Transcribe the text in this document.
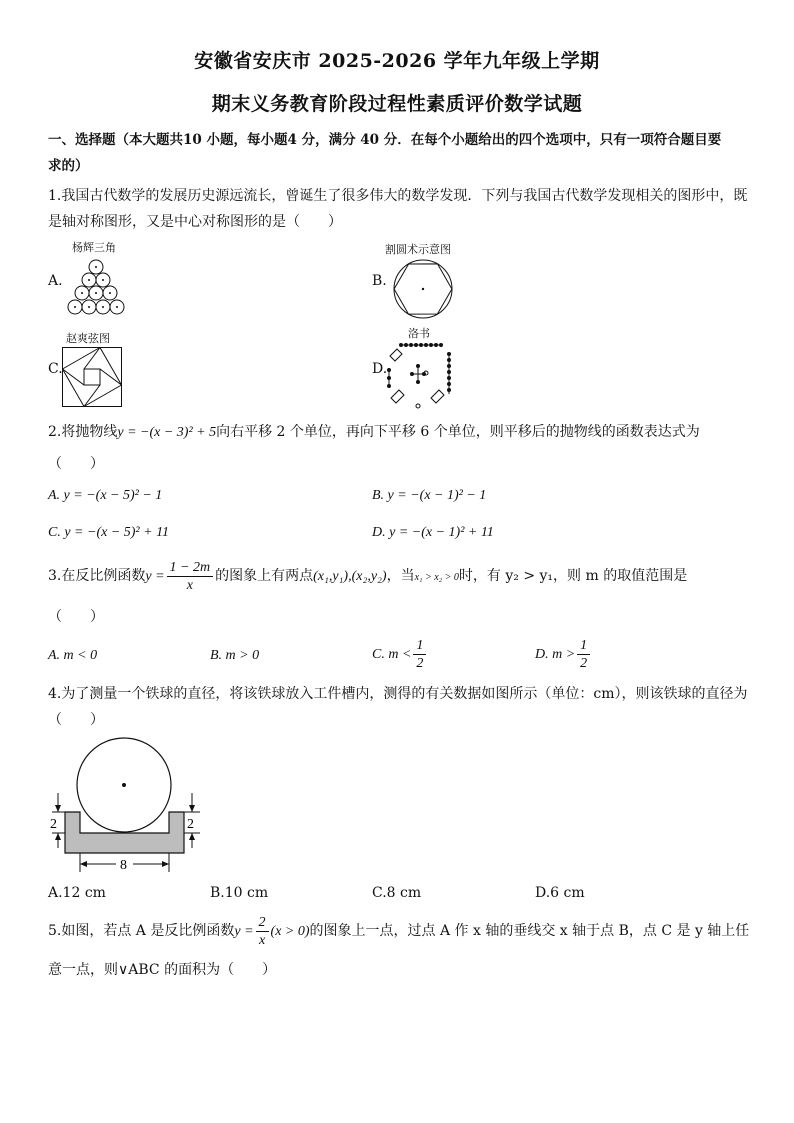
安徽省安庆市 2025-2026 学年九年级上学期
期末义务教育阶段过程性素质评价数学试题
一、选择题（本大题共10 小题，每小题4 分，满分 40 分．在每个小题给出的四个选项中，只有一项符合题目要
求的）
1.我国古代数学的发展历史源远流长，曾诞生了很多伟大的数学发现．下列与我国古代数学发现相关的图形中，既
是轴对称图形，又是中心对称图形的是（　　）
杨辉三角
A.
割圆术示意图
B.
赵爽弦图
C.
洛书
D.
2.将抛物线y = −(x − 3)² + 5向右平移 2 个单位，再向下平移 6 个单位，则平移后的抛物线的函数表达式为
（　　）
A. y = −(x − 5)² − 1	B. y = −(x − 1)² − 1
C. y = −(x − 5)² + 11	D. y = −(x − 1)² + 11
3.在反比例函数$y = \frac{1 - 2m}{x}$ 的图象上有两点(x₁,y₁),(x₂,y₂)，当x₁ > x₂ > 0时，有 y₂ > y₁，则 m 的取值范围是
（　　）
A. m < 0	B. m > 0	C. $m < \frac{1}{2}$	D. $m > \frac{1}{2}$
4.为了测量一个铁球的直径，将该铁球放入工件槽内，测得的有关数据如图所示（单位：cm），则该铁球的直径为
（　　）
2	2
8
A.12 cm	B.10 cm	C.8 cm	D.6 cm
5.如图，若点 A 是反比例函数$y = \frac{2}{x} (x > 0)$的图象上一点，过点 A 作 x 轴的垂线交 x 轴于点 B，点 C 是 y 轴上任
意一点，则∨ABC 的面积为（　　）
